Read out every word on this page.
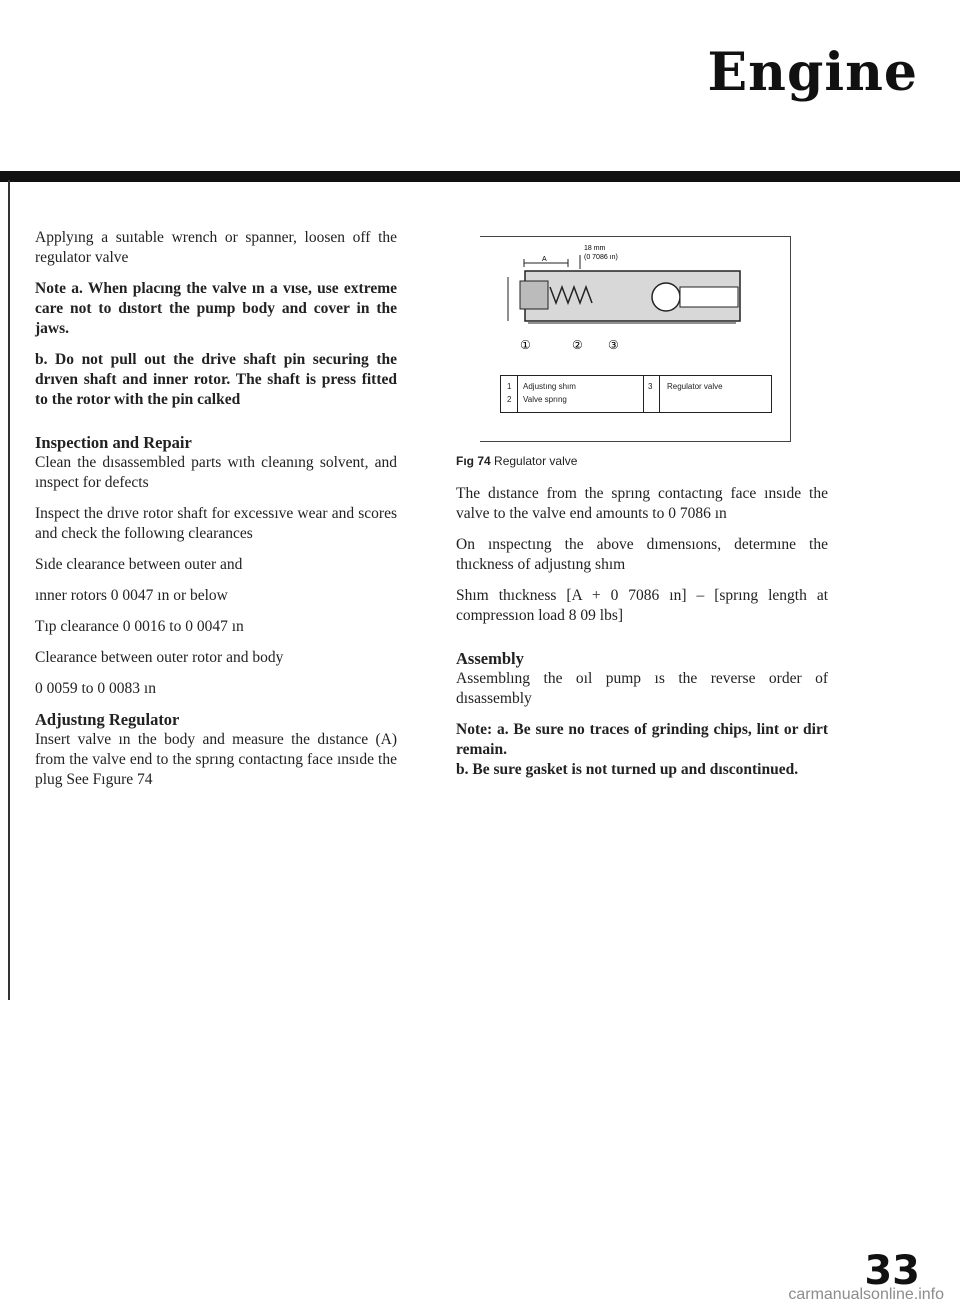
Engine

Applyıng a suıtable wrench or spanner, loosen off the regulator valve

Note a. When placıng the valve ın a vıse, use extreme care not to dıstort the pump body and cover in the jaws.

b. Do not pull out the drive shaft pin securing the drıven shaft and inner rotor. The shaft is press fitted to the rotor with the pin calked

Inspection and Repair

Clean the dısassembled parts wıth cleanıng solvent, and ınspect for defects

Inspect the drıve rotor shaft for excessıve wear and scores and check the followıng clearances

Sıde clearance between outer and

ınner rotors 0 0047 ın or below

Tıp clearance 0 0016 to 0 0047 ın

Clearance between outer rotor and body

0 0059 to 0 0083 ın

Adjustıng Regulator

Insert valve ın the body and measure the dıstance (A) from the valve end to the sprıng contactıng face ınsıde the plug See Fıgure 74

A
18 mm
(0 7086 ın)
①	② ③
1 Adjustıng shım
2 Valve sprıng
3 Regulator valve
Fıg 74 Regulator valve

The dıstance from the sprıng contactıng face ınsıde the valve to the valve end amounts to 0 7086 ın

On ınspectıng the above dımensıons, determıne the thıckness of adjustıng shım

Shım thıckness [A + 0 7086 ın] – [sprıng length at compressıon load 8 09 lbs]

Assembly

Assemblıng the oıl pump ıs the reverse order of dısassembly

Note: a. Be sure no traces of grinding chips, lint or dirt remain.

b. Be sure gasket is not turned up and dıscontinued.

33
carmanualsonline.info
